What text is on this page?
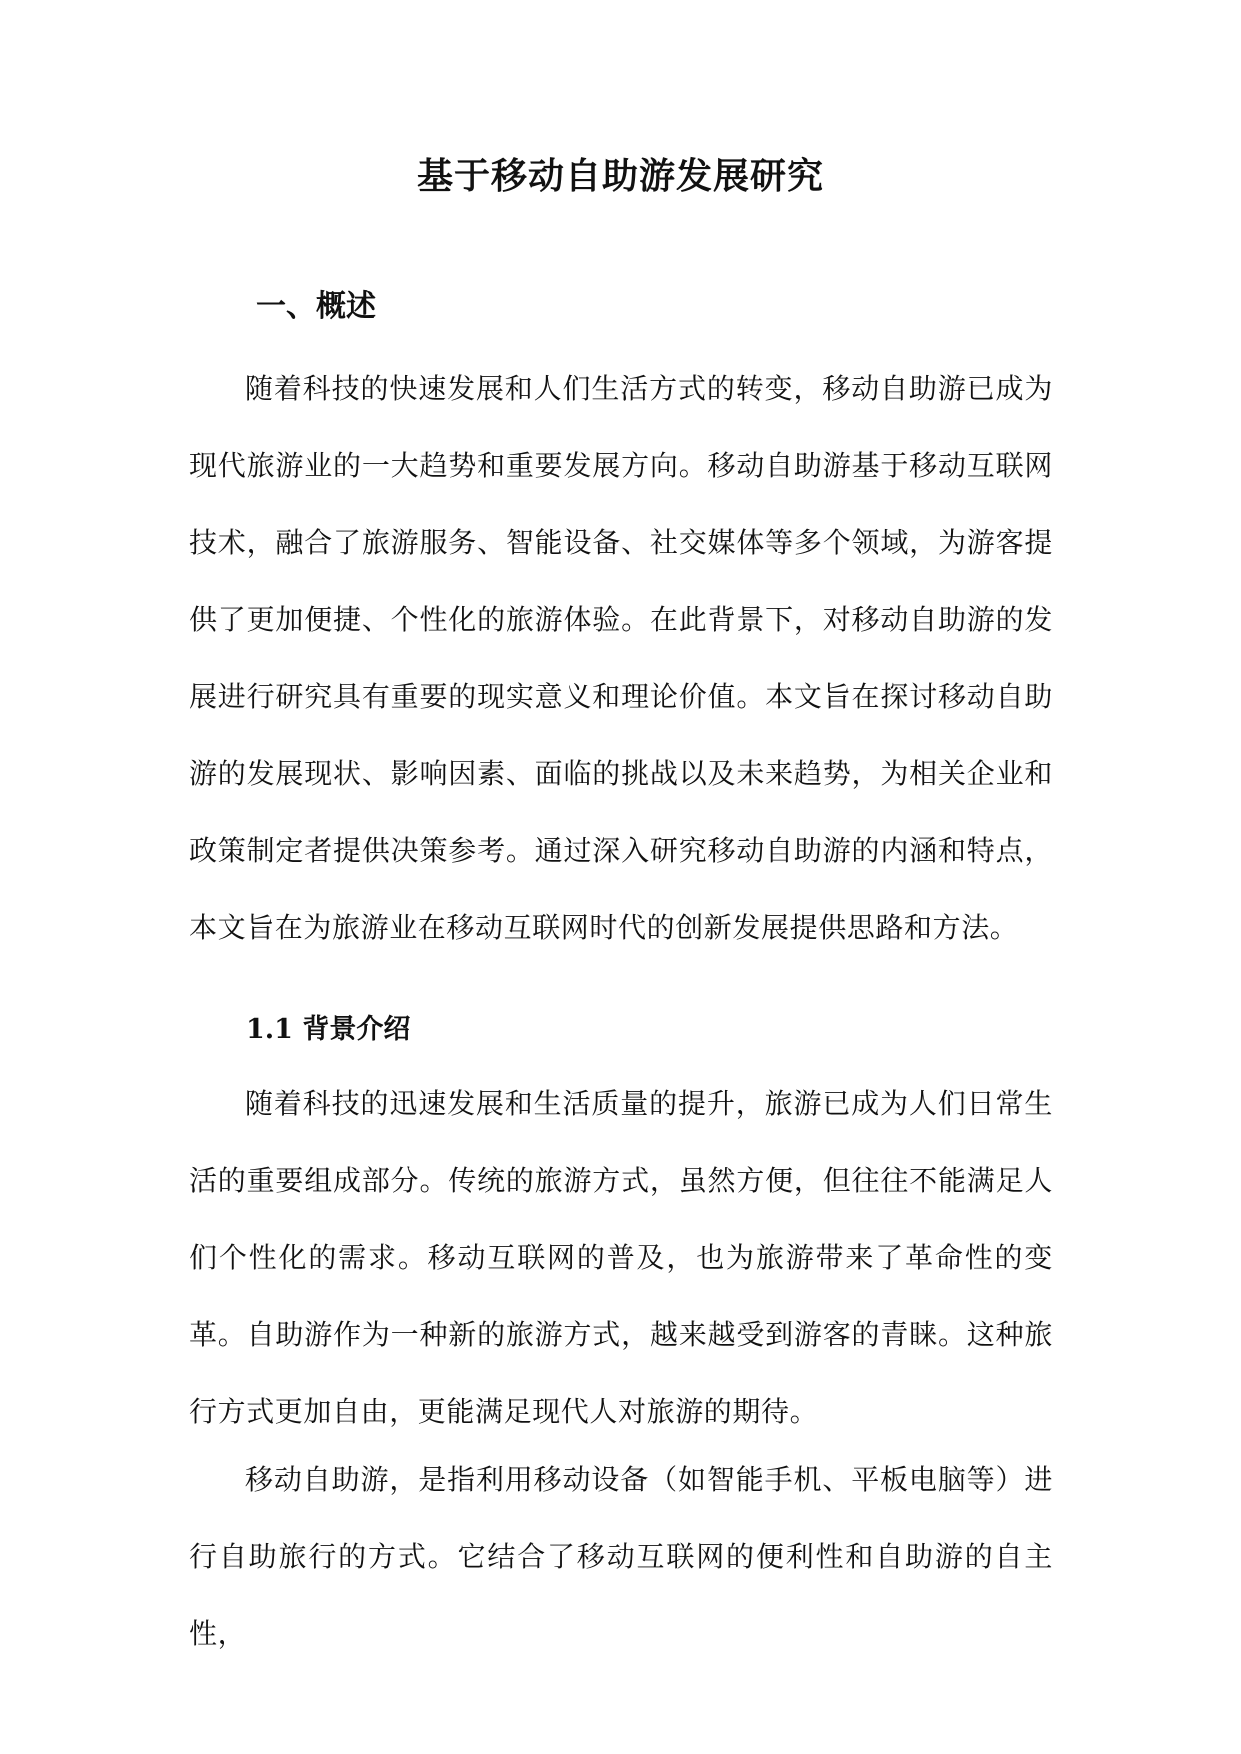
基于移动自助游发展研究
一、概述

随着科技的快速发展和人们生活方式的转变，移动自助游已成为现代旅游业的一大趋势和重要发展方向。移动自助游基于移动互联网技术，融合了旅游服务、智能设备、社交媒体等多个领域，为游客提供了更加便捷、个性化的旅游体验。在此背景下，对移动自助游的发展进行研究具有重要的现实意义和理论价值。本文旨在探讨移动自助游的发展现状、影响因素、面临的挑战以及未来趋势，为相关企业和政策制定者提供决策参考。通过深入研究移动自助游的内涵和特点，本文旨在为旅游业在移动互联网时代的创新发展提供思路和方法。

1.1 背景介绍

随着科技的迅速发展和生活质量的提升，旅游已成为人们日常生活的重要组成部分。传统的旅游方式，虽然方便，但往往不能满足人们个性化的需求。移动互联网的普及，也为旅游带来了革命性的变革。自助游作为一种新的旅游方式，越来越受到游客的青睐。这种旅行方式更加自由，更能满足现代人对旅游的期待。

移动自助游，是指利用移动设备（如智能手机、平板电脑等）进行自助旅行的方式。它结合了移动互联网的便利性和自助游的自主性，
